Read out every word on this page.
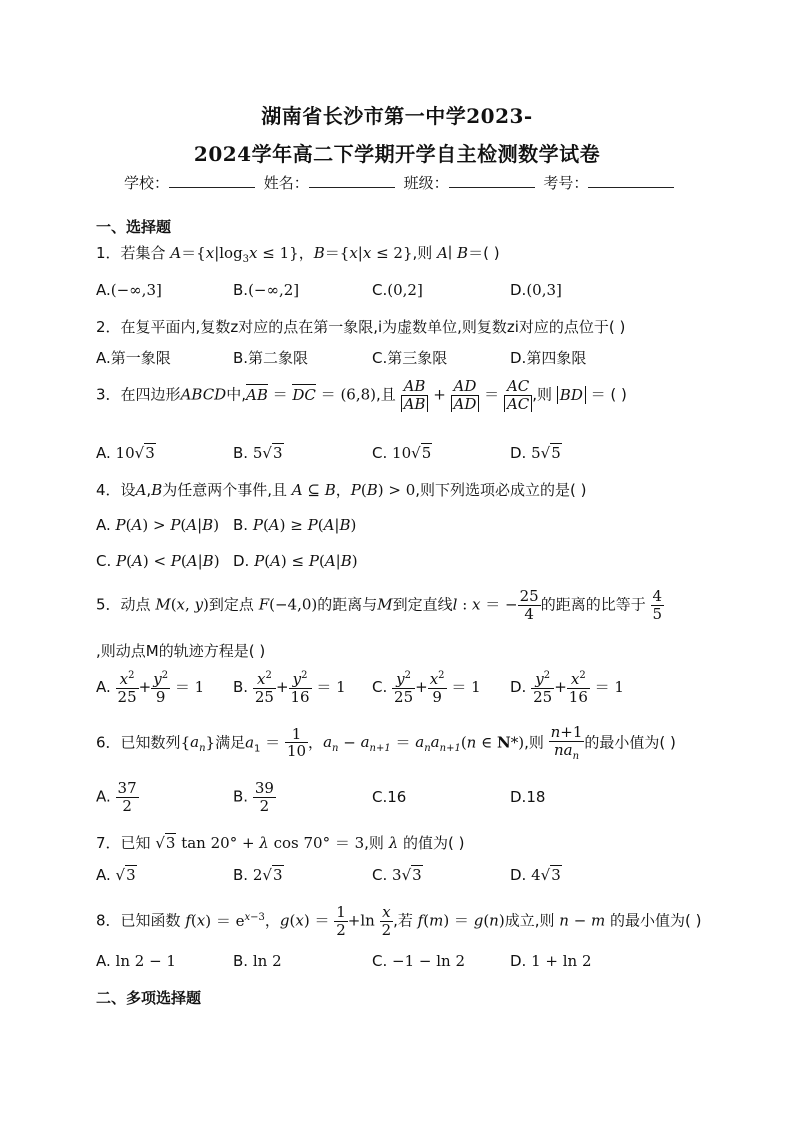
湖南省长沙市第一中学2023-
2024学年高二下学期开学自主检测数学试卷
学校：	姓名：	班级：	考号：
一、选择题
1．若集合 $A=\{x|\log_3x \le 1\}$，B＝{x|x ≤ 2},则 A∣ B＝( )
A.(−∞,3]	B.(−∞,2]	C.(0,2]	D.(0,3]
2．在复平面内,复数z对应的点在第一象限,i为虚数单位,则复数zi对应的点位于( )
A.第一象限	B.第二象限	C.第三象限	D.第四象限
3．在四边形ABCD中,AB ＝ DC ＝ (6,8),且 $\frac{AB}{AB} + \frac{AD}{AD} = \frac{AC}{AC}$ ,则 BD ＝ ( )
A. 10√3	B. 5√3	C. 10√5	D. 5√5
4．设A,B为任意两个事件,且 A ⊆ B，P(B) > 0,则下列选项必成立的是( )
A. P(A) > P(A|B) B. P(A) ≥ P(A|B)
C. P(A) < P(A|B) D. P(A) ≤ P(A|B)
5．动点 M(x, y)到定点 F(−4,0)的距离与M到定直线l : x ＝ − $\frac{25}{4}$ 的距离的比等于 $\frac{4}{5}$
,则动点M的轨迹方程是( )
A. $\frac{x^2}{25} + \frac{y^2}{9} = 1$ B. $\frac{x^2}{25} + \frac{y^2}{16} = 1$ C. $\frac{y^2}{25} + \frac{x^2}{9} = 1$ D. $\frac{y^2}{25} + \frac{x^2}{16} = 1$
6．已知数列$\{a_n\}$满足$a_1 = \frac{1}{10}$ ，$a_n - a_{n+1} = a_na_{n+1}(n$ ∈ N*),则 $\frac{n+1}{na_n}$ 的最小值为( )
A. $\frac{37}{2}$	B. $\frac{39}{2}$	C.16	D.18
7．已知 √3 tan 20° + λ cos 70° ＝ 3,则 λ 的值为( )
A. √3	B. 2√3	C. 3√3	D. 4√3
8．已知函数 $f(x) = e^{x-3}$，$g(x) = \frac{1}{2} +\ln \frac{x}{2}$ ,若 f(m) ＝ g(n)成立,则 n − m 的最小值为( )
A. ln 2 − 1	B. ln 2	C. −1 − ln 2	D. 1 + ln 2
二、多项选择题
